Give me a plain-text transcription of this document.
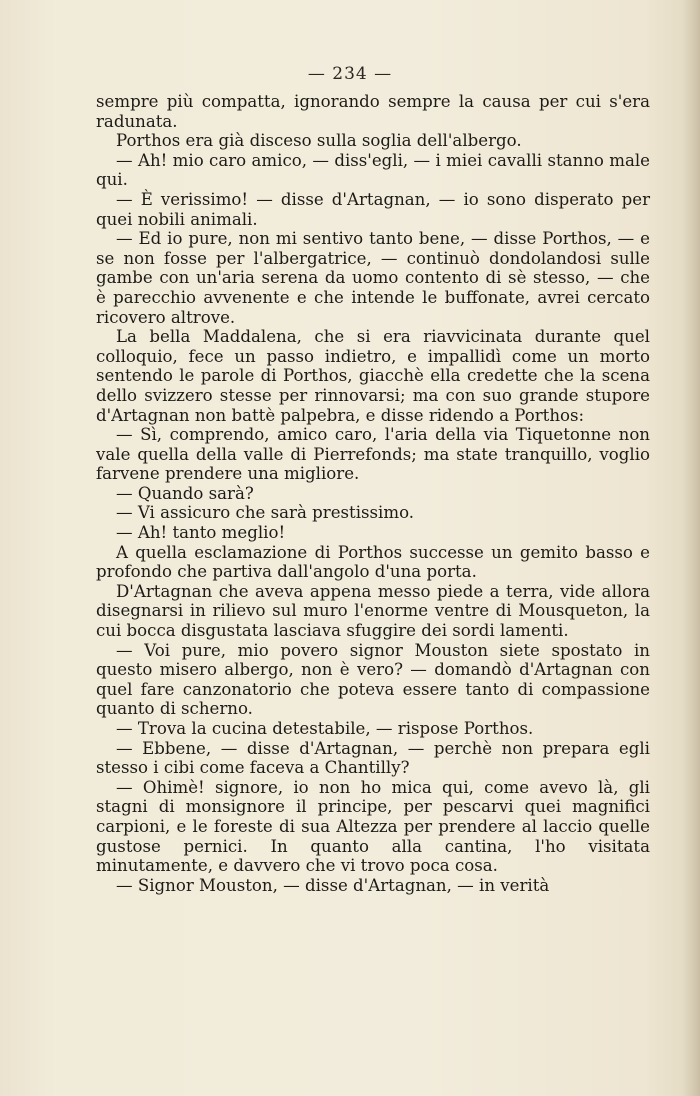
— 234 —

sempre più compatta, ignorando sempre la causa per cui s'era radunata.

Porthos era già disceso sulla soglia dell'albergo.

— Ah! mio caro amico, — diss'egli, — i miei cavalli stanno male qui.

— È verissimo! — disse d'Artagnan, — io sono disperato per quei nobili animali.

— Ed io pure, non mi sentivo tanto bene, — disse Porthos, — e se non fosse per l'albergatrice, — continuò dondolandosi sulle gambe con un'aria serena da uomo contento di sè stesso, — che è parecchio avvenente e che intende le buffonate, avrei cercato ricovero altrove.

La bella Maddalena, che si era riavvicinata durante quel colloquio, fece un passo indietro, e impallidì come un morto sentendo le parole di Porthos, giacchè ella credette che la scena dello svizzero stesse per rinnovarsi; ma con suo grande stupore d'Artagnan non battè palpebra, e disse ridendo a Porthos:

— Sì, comprendo, amico caro, l'aria della via Tiquetonne non vale quella della valle di Pierrefonds; ma state tranquillo, voglio farvene prendere una migliore.

— Quando sarà?

— Vi assicuro che sarà prestissimo.

— Ah! tanto meglio!

A quella esclamazione di Porthos successe un gemito basso e profondo che partiva dall'angolo d'una porta.

D'Artagnan che aveva appena messo piede a terra, vide allora disegnarsi in rilievo sul muro l'enorme ventre di Mousqueton, la cui bocca disgustata lasciava sfuggire dei sordi lamenti.

— Voi pure, mio povero signor Mouston siete spostato in questo misero albergo, non è vero? — domandò d'Artagnan con quel fare canzonatorio che poteva essere tanto di compassione quanto di scherno.

— Trova la cucina detestabile, — rispose Porthos.

— Ebbene, — disse d'Artagnan, — perchè non prepara egli stesso i cibi come faceva a Chantilly?

— Ohimè! signore, io non ho mica qui, come avevo là, gli stagni di monsignore il principe, per pescarvi quei magnifici carpioni, e le foreste di sua Altezza per prendere al laccio quelle gustose pernici. In quanto alla cantina, l'ho visitata minutamente, e davvero che vi trovo poca cosa.

— Signor Mouston, — disse d'Artagnan, — in verità
